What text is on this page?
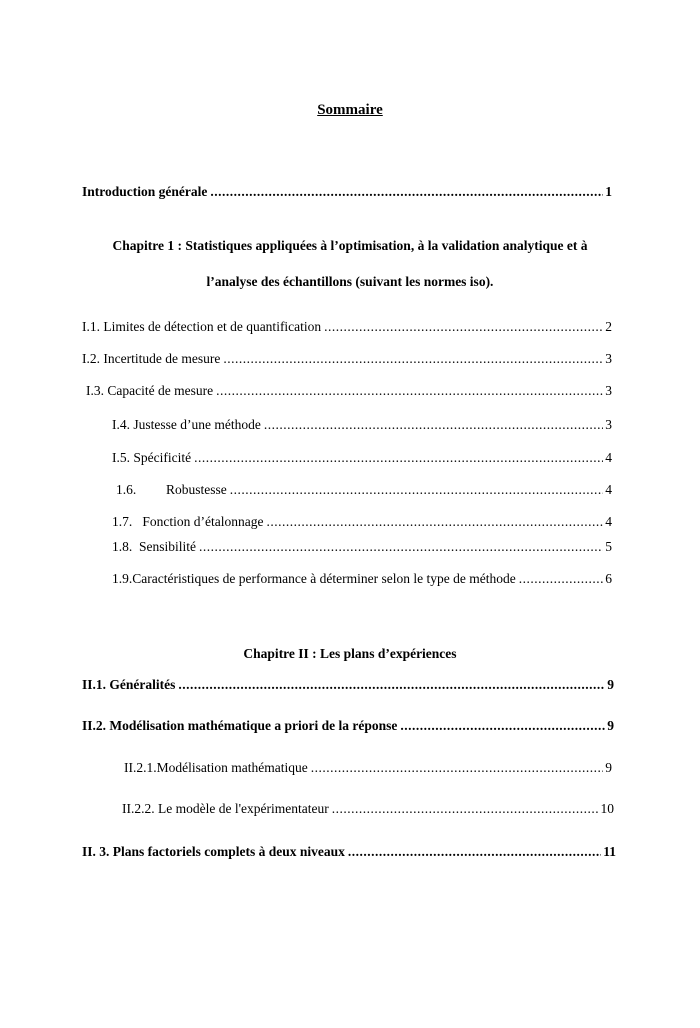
Sommaire
Introduction générale .....	1
Chapitre 1 : Statistiques appliquées à l’optimisation, à la validation analytique et à
l’analyse des échantillons (suivant les normes iso).
I.1. Limites de détection et de quantification .....	2
I.2. Incertitude de mesure .....	3
I.3. Capacité de mesure .....	3
I.4. Justesse d’une méthode .....	3
I.5. Spécificité .....	4
1.6. Robustesse .....	4
1.7.   Fonction d’étalonnage .....	4
1.8.  Sensibilité .....	5
1.9.Caractéristiques de performance à déterminer selon le type de méthode .....	6
Chapitre II : Les plans d’expériences
II.1. Généralités .....	9
II.2. Modélisation mathématique a priori de la réponse .....	9
II.2.1.Modélisation mathématique .....	9
II.2.2. Le modèle de l'expérimentateur .....	10
II. 3. Plans factoriels complets à deux niveaux .....	11
